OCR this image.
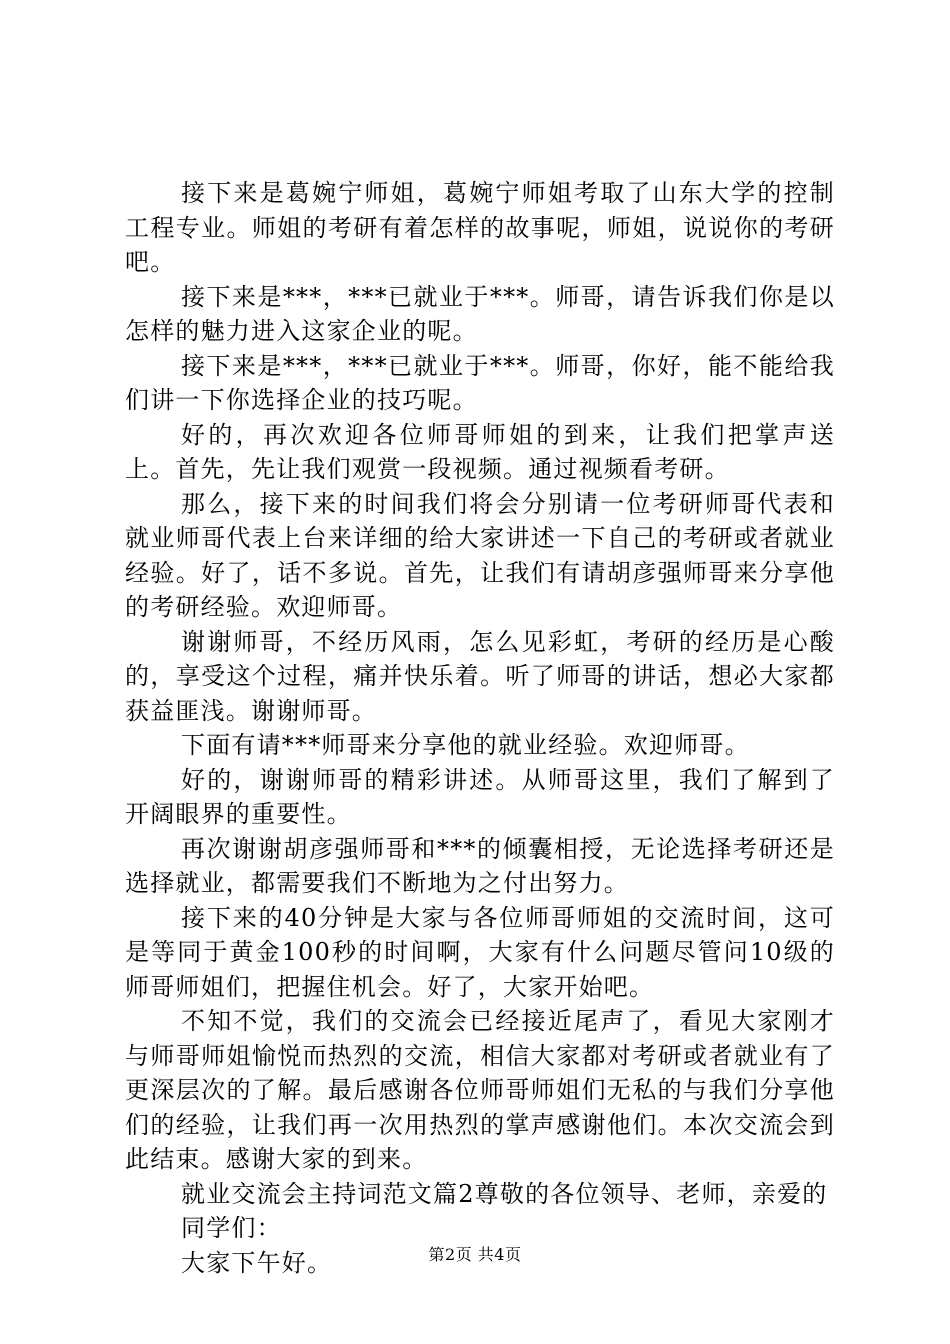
接下来是葛婉宁师姐，葛婉宁师姐考取了山东大学的控制工程专业。师姐的考研有着怎样的故事呢，师姐，说说你的考研吧。

接下来是***，***已就业于***。师哥，请告诉我们你是以怎样的魅力进入这家企业的呢。

接下来是***，***已就业于***。师哥，你好，能不能给我们讲一下你选择企业的技巧呢。

好的，再次欢迎各位师哥师姐的到来，让我们把掌声送上。首先，先让我们观赏一段视频。通过视频看考研。

那么，接下来的时间我们将会分别请一位考研师哥代表和就业师哥代表上台来详细的给大家讲述一下自己的考研或者就业经验。好了，话不多说。首先，让我们有请胡彦强师哥来分享他的考研经验。欢迎师哥。

谢谢师哥，不经历风雨，怎么见彩虹，考研的经历是心酸的，享受这个过程，痛并快乐着。听了师哥的讲话，想必大家都获益匪浅。谢谢师哥。

下面有请***师哥来分享他的就业经验。欢迎师哥。

好的，谢谢师哥的精彩讲述。从师哥这里，我们了解到了开阔眼界的重要性。

再次谢谢胡彦强师哥和***的倾囊相授，无论选择考研还是选择就业，都需要我们不断地为之付出努力。

接下来的40分钟是大家与各位师哥师姐的交流时间，这可是等同于黄金100秒的时间啊，大家有什么问题尽管问10级的师哥师姐们，把握住机会。好了，大家开始吧。

不知不觉，我们的交流会已经接近尾声了，看见大家刚才与师哥师姐愉悦而热烈的交流，相信大家都对考研或者就业有了更深层次的了解。最后感谢各位师哥师姐们无私的与我们分享他们的经验，让我们再一次用热烈的掌声感谢他们。本次交流会到此结束。感谢大家的到来。

就业交流会主持词范文篇2尊敬的各位领导、老师，亲爱的

同学们：

大家下午好。	第2页 共4页
